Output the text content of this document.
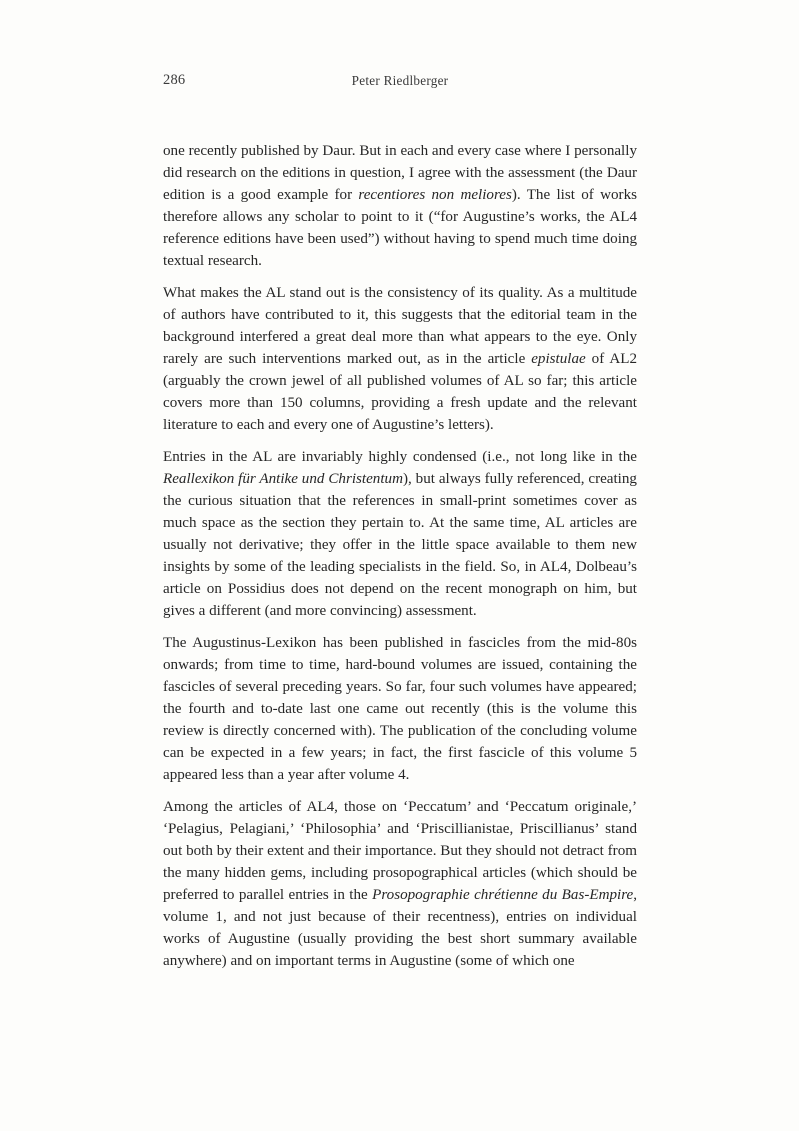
286	Peter Riedlberger

one recently published by Daur. But in each and every case where I personally did research on the editions in question, I agree with the assessment (the Daur edition is a good example for recentiores non meliores). The list of works therefore allows any scholar to point to it (“for Augustine’s works, the AL4 reference editions have been used”) without having to spend much time doing textual research.

What makes the AL stand out is the consistency of its quality. As a multitude of authors have contributed to it, this suggests that the editorial team in the background interfered a great deal more than what appears to the eye. Only rarely are such interventions marked out, as in the article epistulae of AL2 (arguably the crown jewel of all published volumes of AL so far; this article covers more than 150 columns, providing a fresh update and the relevant literature to each and every one of Augustine’s letters).

Entries in the AL are invariably highly condensed (i.e., not long like in the Reallexikon für Antike und Christentum), but always fully referenced, creating the curious situation that the references in small-print sometimes cover as much space as the section they pertain to. At the same time, AL articles are usually not derivative; they offer in the little space available to them new insights by some of the leading specialists in the field. So, in AL4, Dolbeau’s article on Possidius does not depend on the recent monograph on him, but gives a different (and more convincing) assessment.

The Augustinus-Lexikon has been published in fascicles from the mid-80s onwards; from time to time, hard-bound volumes are issued, containing the fascicles of several preceding years. So far, four such volumes have appeared; the fourth and to-date last one came out recently (this is the volume this review is directly concerned with). The publication of the concluding volume can be expected in a few years; in fact, the first fascicle of this volume 5 appeared less than a year after volume 4.

Among the articles of AL4, those on ‘Peccatum’ and ‘Peccatum originale,’ ‘Pelagius, Pelagiani,’ ‘Philosophia’ and ‘Priscillianistae, Priscillianus’ stand out both by their extent and their importance. But they should not detract from the many hidden gems, including prosopographical articles (which should be preferred to parallel entries in the Prosopographie chrétienne du Bas-Empire, volume 1, and not just because of their recentness), entries on individual works of Augustine (usually providing the best short summary available anywhere) and on important terms in Augustine (some of which one
